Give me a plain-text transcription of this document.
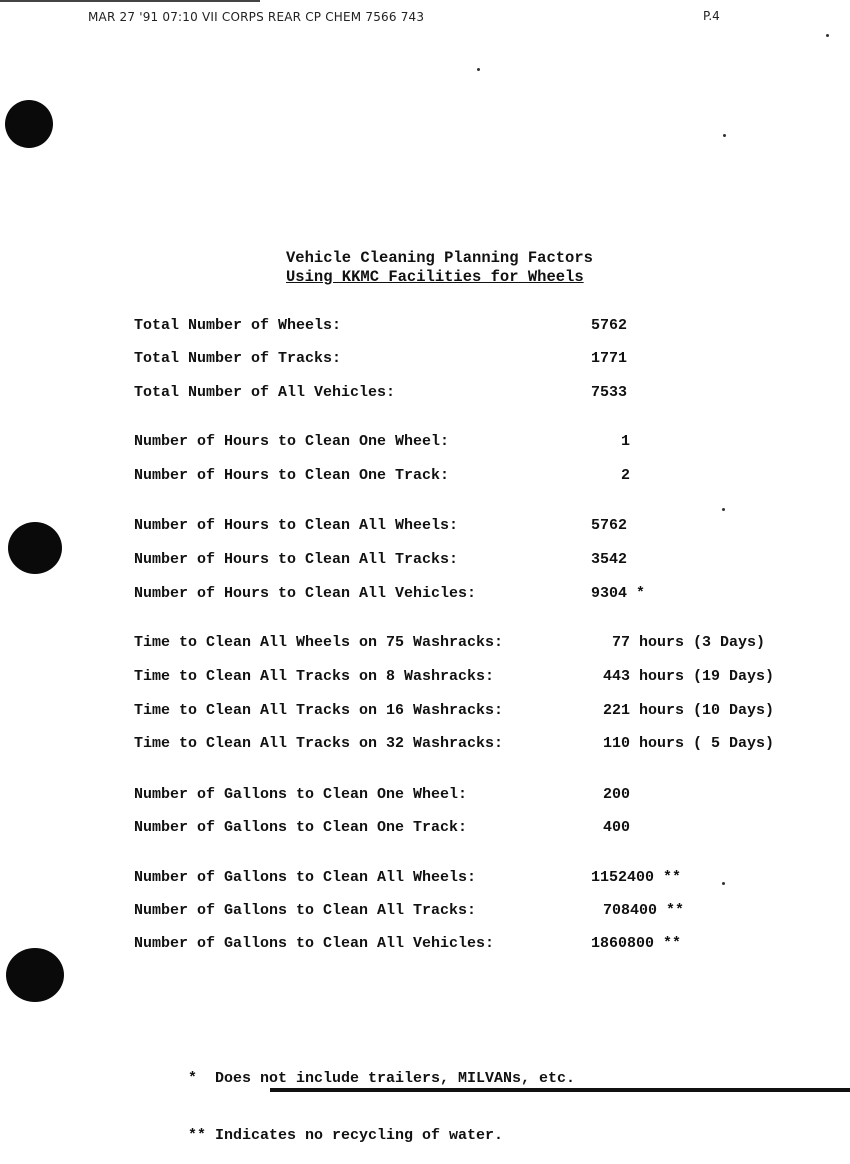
MAR 27 '91 07:10 VII CORPS REAR CP CHEM 7566 743	P.4
Vehicle Cleaning Planning Factors
Using KKMC Facilities for Wheels
Total Number of Wheels:	5762
Total Number of Tracks:	1771
Total Number of All Vehicles:	7533
Number of Hours to Clean One Wheel:	1
Number of Hours to Clean One Track:	2
Number of Hours to Clean All Wheels:	5762
Number of Hours to Clean All Tracks:	3542
Number of Hours to Clean All Vehicles:	9304 *
Time to Clean All Wheels on 75 Washracks:	77 hours (3 Days)
Time to Clean All Tracks on 8 Washracks:	443 hours (19 Days)
Time to Clean All Tracks on 16 Washracks:	221 hours (10 Days)
Time to Clean All Tracks on 32 Washracks:	110 hours ( 5 Days)
Number of Gallons to Clean One Wheel:	200
Number of Gallons to Clean One Track:	400
Number of Gallons to Clean All Wheels:	1152400 **
Number of Gallons to Clean All Tracks:	708400 **
Number of Gallons to Clean All Vehicles:	1860800 **

*  Does not include trailers, MILVANs, etc.

** Indicates no recycling of water.
